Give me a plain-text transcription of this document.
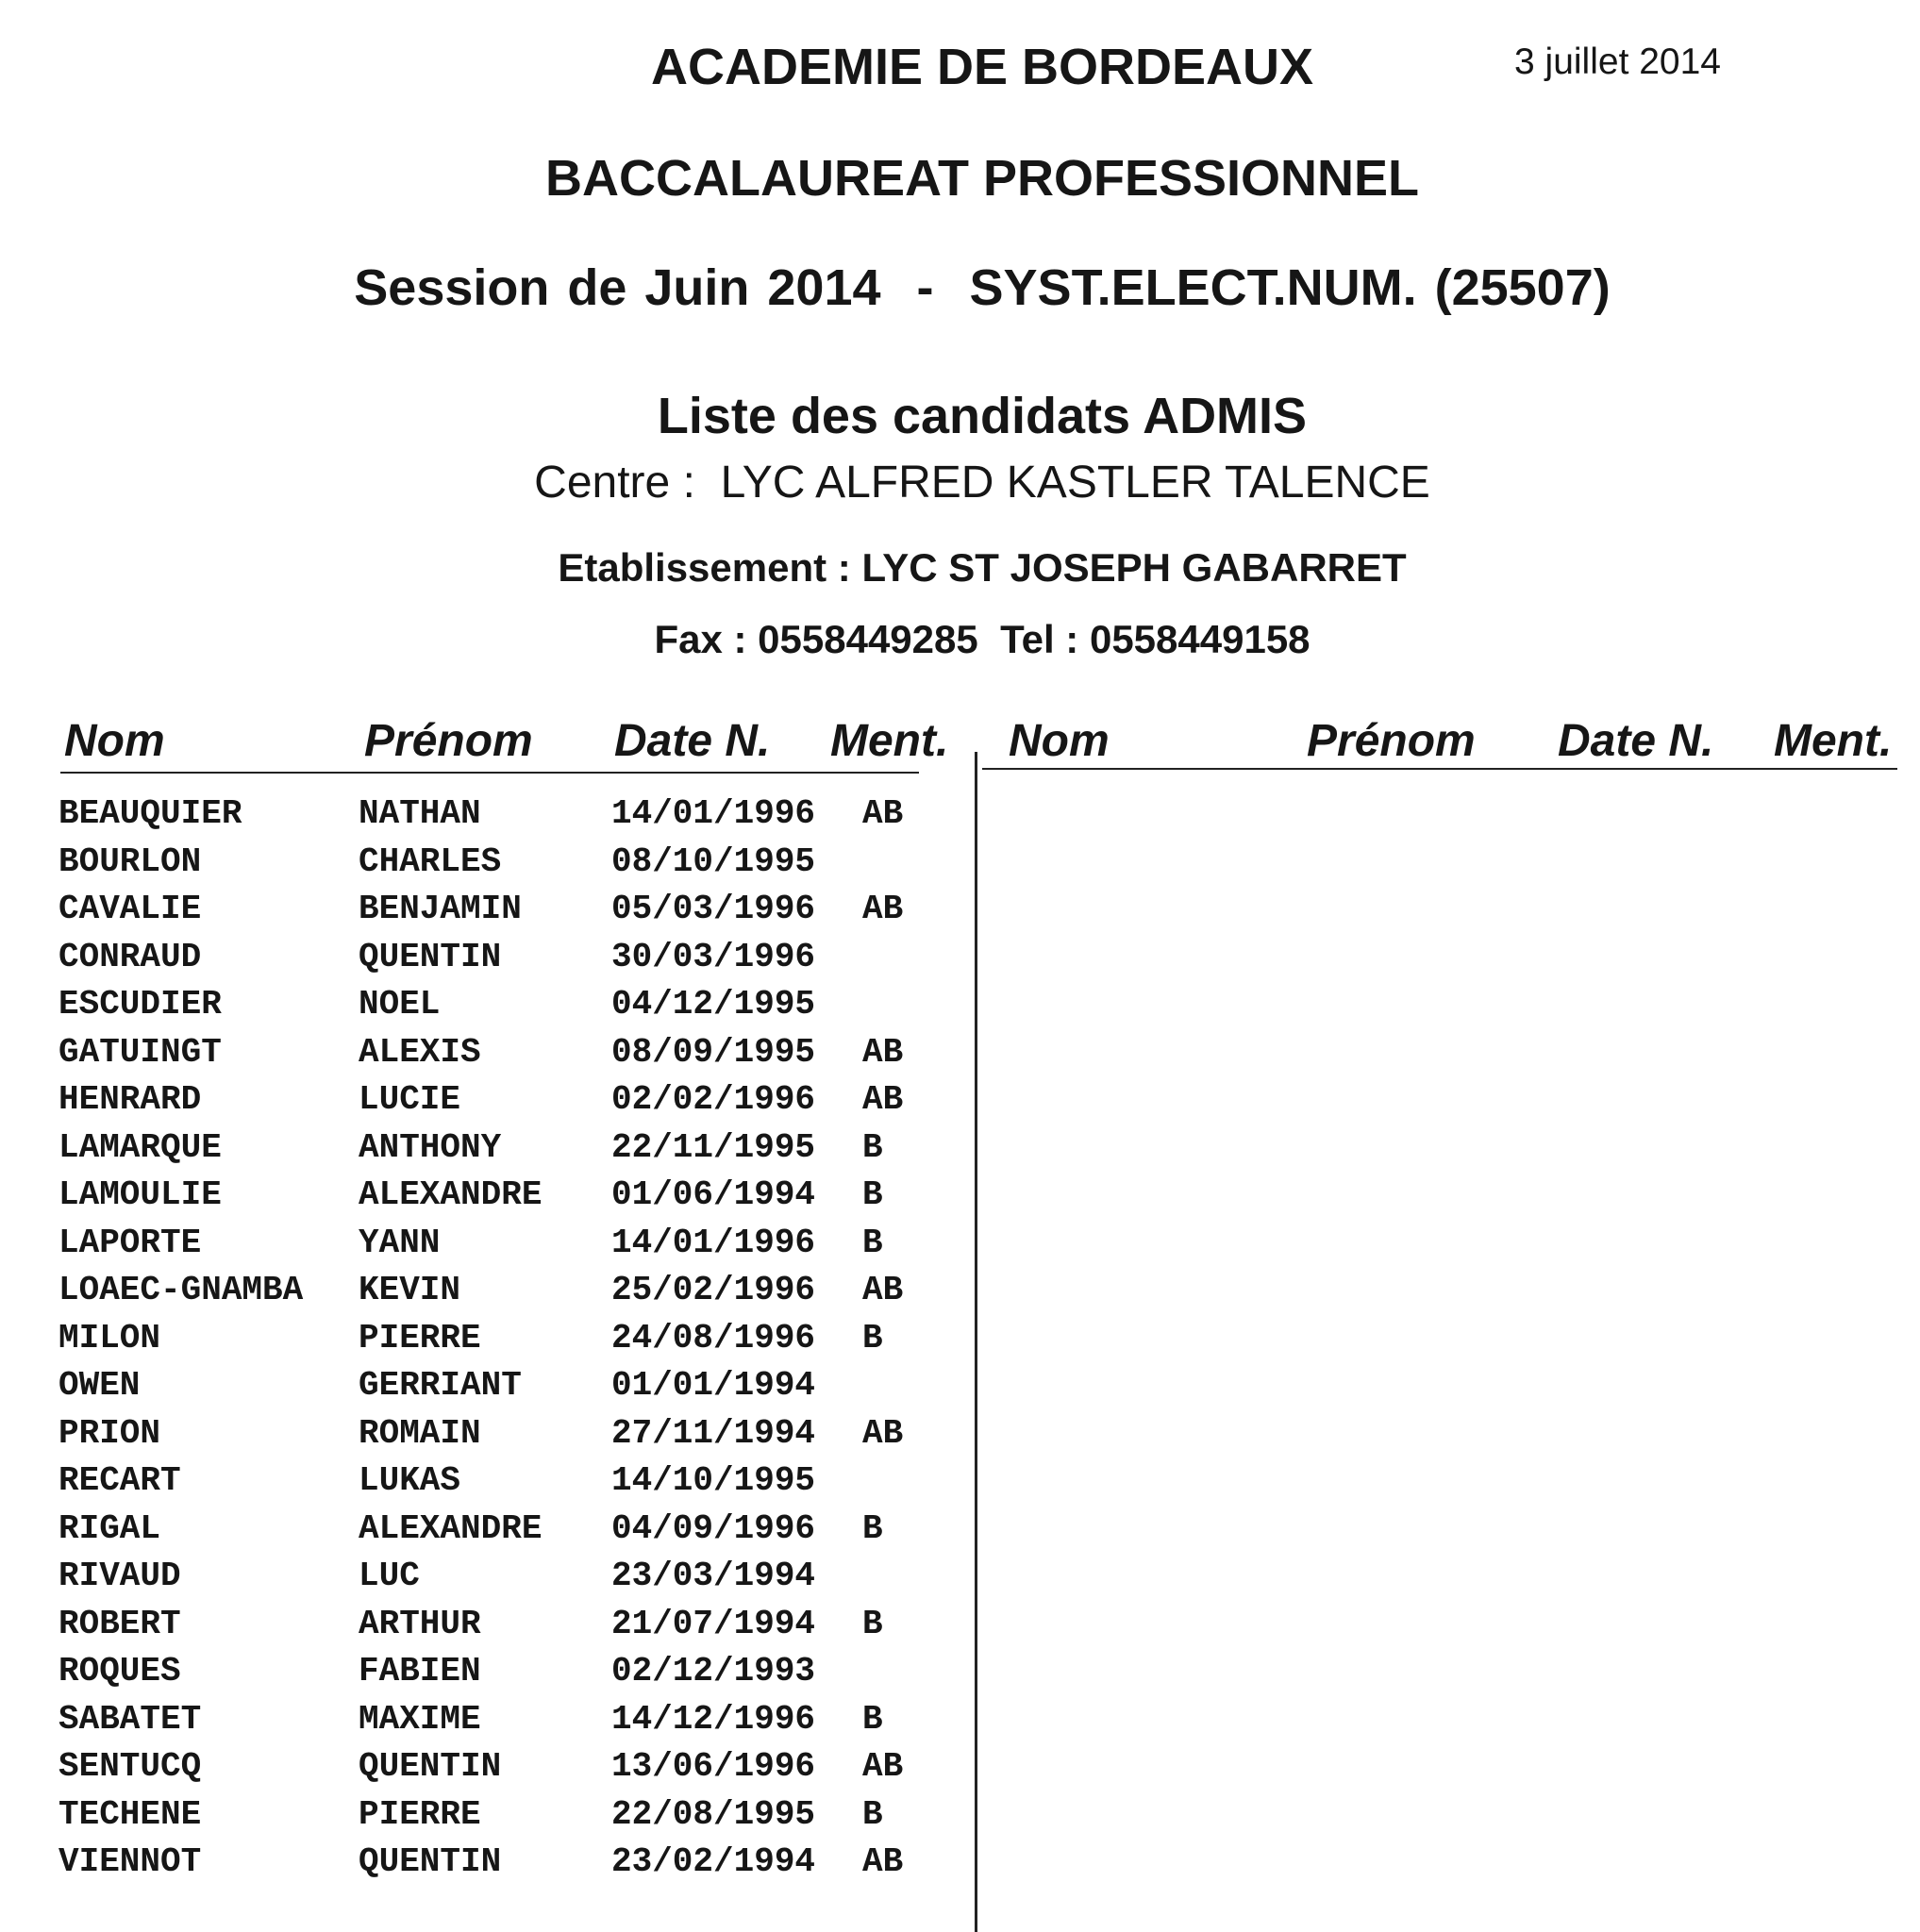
ACADEMIE DE BORDEAUX	3 juillet 2014
BACCALAUREAT PROFESSIONNEL
Session de Juin 2014  -  SYST.ELECT.NUM. (25507)
Liste des candidats ADMIS
Centre :  LYC ALFRED KASTLER TALENCE
Etablissement : LYC ST JOSEPH GABARRET
Fax : 0558449285  Tel : 0558449158
Nom	Prénom Date N. Ment. Nom	Prénom Date N. Ment.
BEAUQUIER	NATHAN	14/01/1996 AB
BOURLON	CHARLES	08/10/1995
CAVALIE	BENJAMIN	05/03/1996 AB
CONRAUD	QUENTIN	30/03/1996
ESCUDIER	NOEL	04/12/1995
GATUINGT	ALEXIS	08/09/1995 AB
HENRARD	LUCIE	02/02/1996 AB
LAMARQUE	ANTHONY	22/11/1995 B
LAMOULIE	ALEXANDRE 01/06/1994 B
LAPORTE	YANN	14/01/1996 B
LOAEC-GNAMBA KEVIN	25/02/1996 AB
MILON	PIERRE	24/08/1996 B
OWEN	GERRIANT	01/01/1994
PRION	ROMAIN	27/11/1994 AB
RECART	LUKAS	14/10/1995
RIGAL	ALEXANDRE 04/09/1996 B
RIVAUD	LUC	23/03/1994
ROBERT	ARTHUR	21/07/1994 B
ROQUES	FABIEN	02/12/1993
SABATET	MAXIME	14/12/1996 B
SENTUCQ	QUENTIN	13/06/1996 AB
TECHENE	PIERRE	22/08/1995 B
VIENNOT	QUENTIN	23/02/1994 AB
